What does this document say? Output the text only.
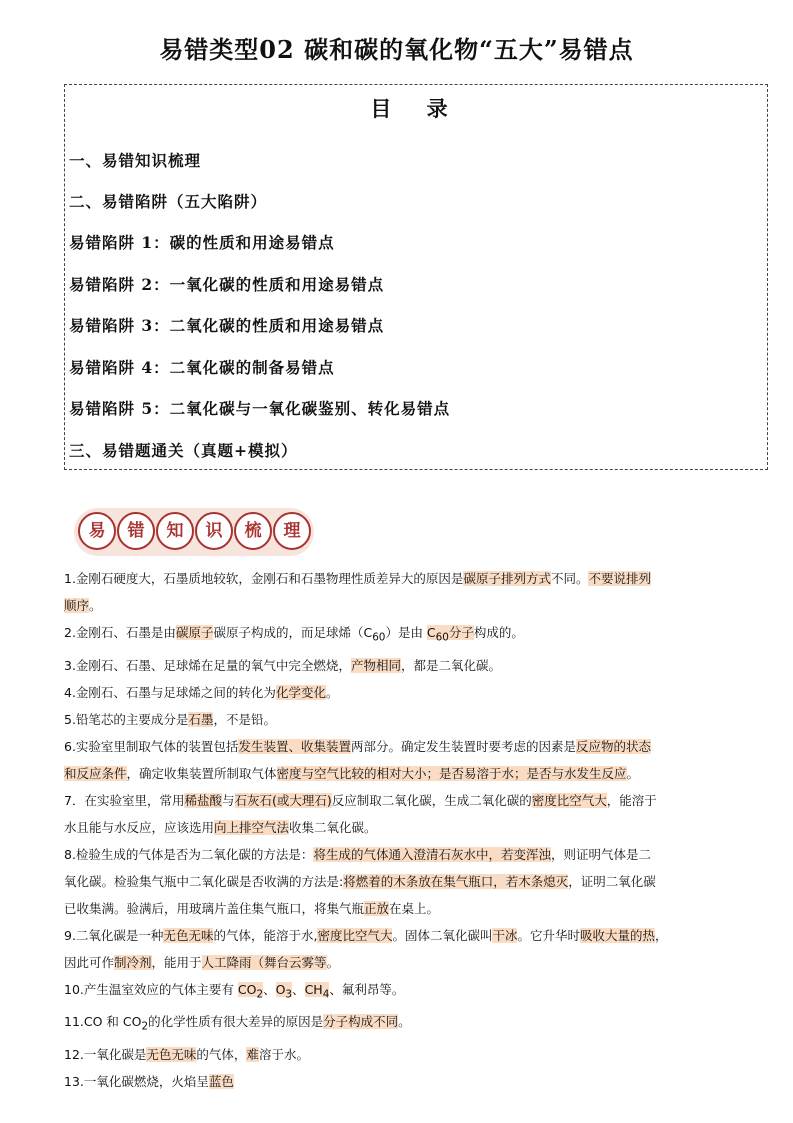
易错类型02 碳和碳的氧化物“五大”易错点
目 录
一、易错知识梳理
二、易错陷阱（五大陷阱）
易错陷阱 1：碳的性质和用途易错点
易错陷阱 2：一氧化碳的性质和用途易错点
易错陷阱 3：二氧化碳的性质和用途易错点
易错陷阱 4：二氧化碳的制备易错点
易错陷阱 5：二氧化碳与一氧化碳鉴别、转化易错点
三、易错题通关（真题+模拟）
易	错	知	识	梳	理

1.金刚石硬度大，石墨质地较软，金刚石和石墨物理性质差异大的原因是碳原子排列方式不同。不要说排列
顺序。

2.金刚石、石墨是由碳原子碳原子构成的，而足球烯$(C_{60})$是由 $C_{60}$分子构成的。

3.金刚石、石墨、足球烯在足量的氧气中完全燃烧，产物相同，都是二氧化碳。

4.金刚石、石墨与足球烯之间的转化为化学变化。

5.铅笔芯的主要成分是石墨，不是铅。

6.实验室里制取气体的装置包括发生装置、收集装置两部分。确定发生装置时要考虑的因素是反应物的状态
和反应条件，确定收集装置所制取气体密度与空气比较的相对大小；是否易溶于水；是否与水发生反应。

7．在实验室里，常用稀盐酸与石灰石(或大理石)反应制取二氧化碳，生成二氧化碳的密度比空气大，能溶于
水且能与水反应，应该选用向上排空气法收集二氧化碳。

8.检验生成的气体是否为二氧化碳的方法是：将生成的气体通入澄清石灰水中，若变浑浊，则证明气体是二
氧化碳。检验集气瓶中二氧化碳是否收满的方法是:将燃着的木条放在集气瓶口，若木条熄灭，证明二氧化碳
已收集满。验满后，用玻璃片盖住集气瓶口，将集气瓶正放在桌上。

9.二氧化碳是一种无色无味的气体，能溶于水,密度比空气大。固体二氧化碳叫干冰。它升华时吸收大量的热，
因此可作制冷剂，能用于人工降雨（舞台云雾等。

10.产生温室效应的气体主要有 $CO_2$、$O_3$、$CH_4$、氟利昂等。

11.CO 和 $CO_2$的化学性质有很大差异的原因是分子构成不同。

12.一氧化碳是无色无味的气体，难溶于水。

13.一氧化碳燃烧，火焰呈蓝色
